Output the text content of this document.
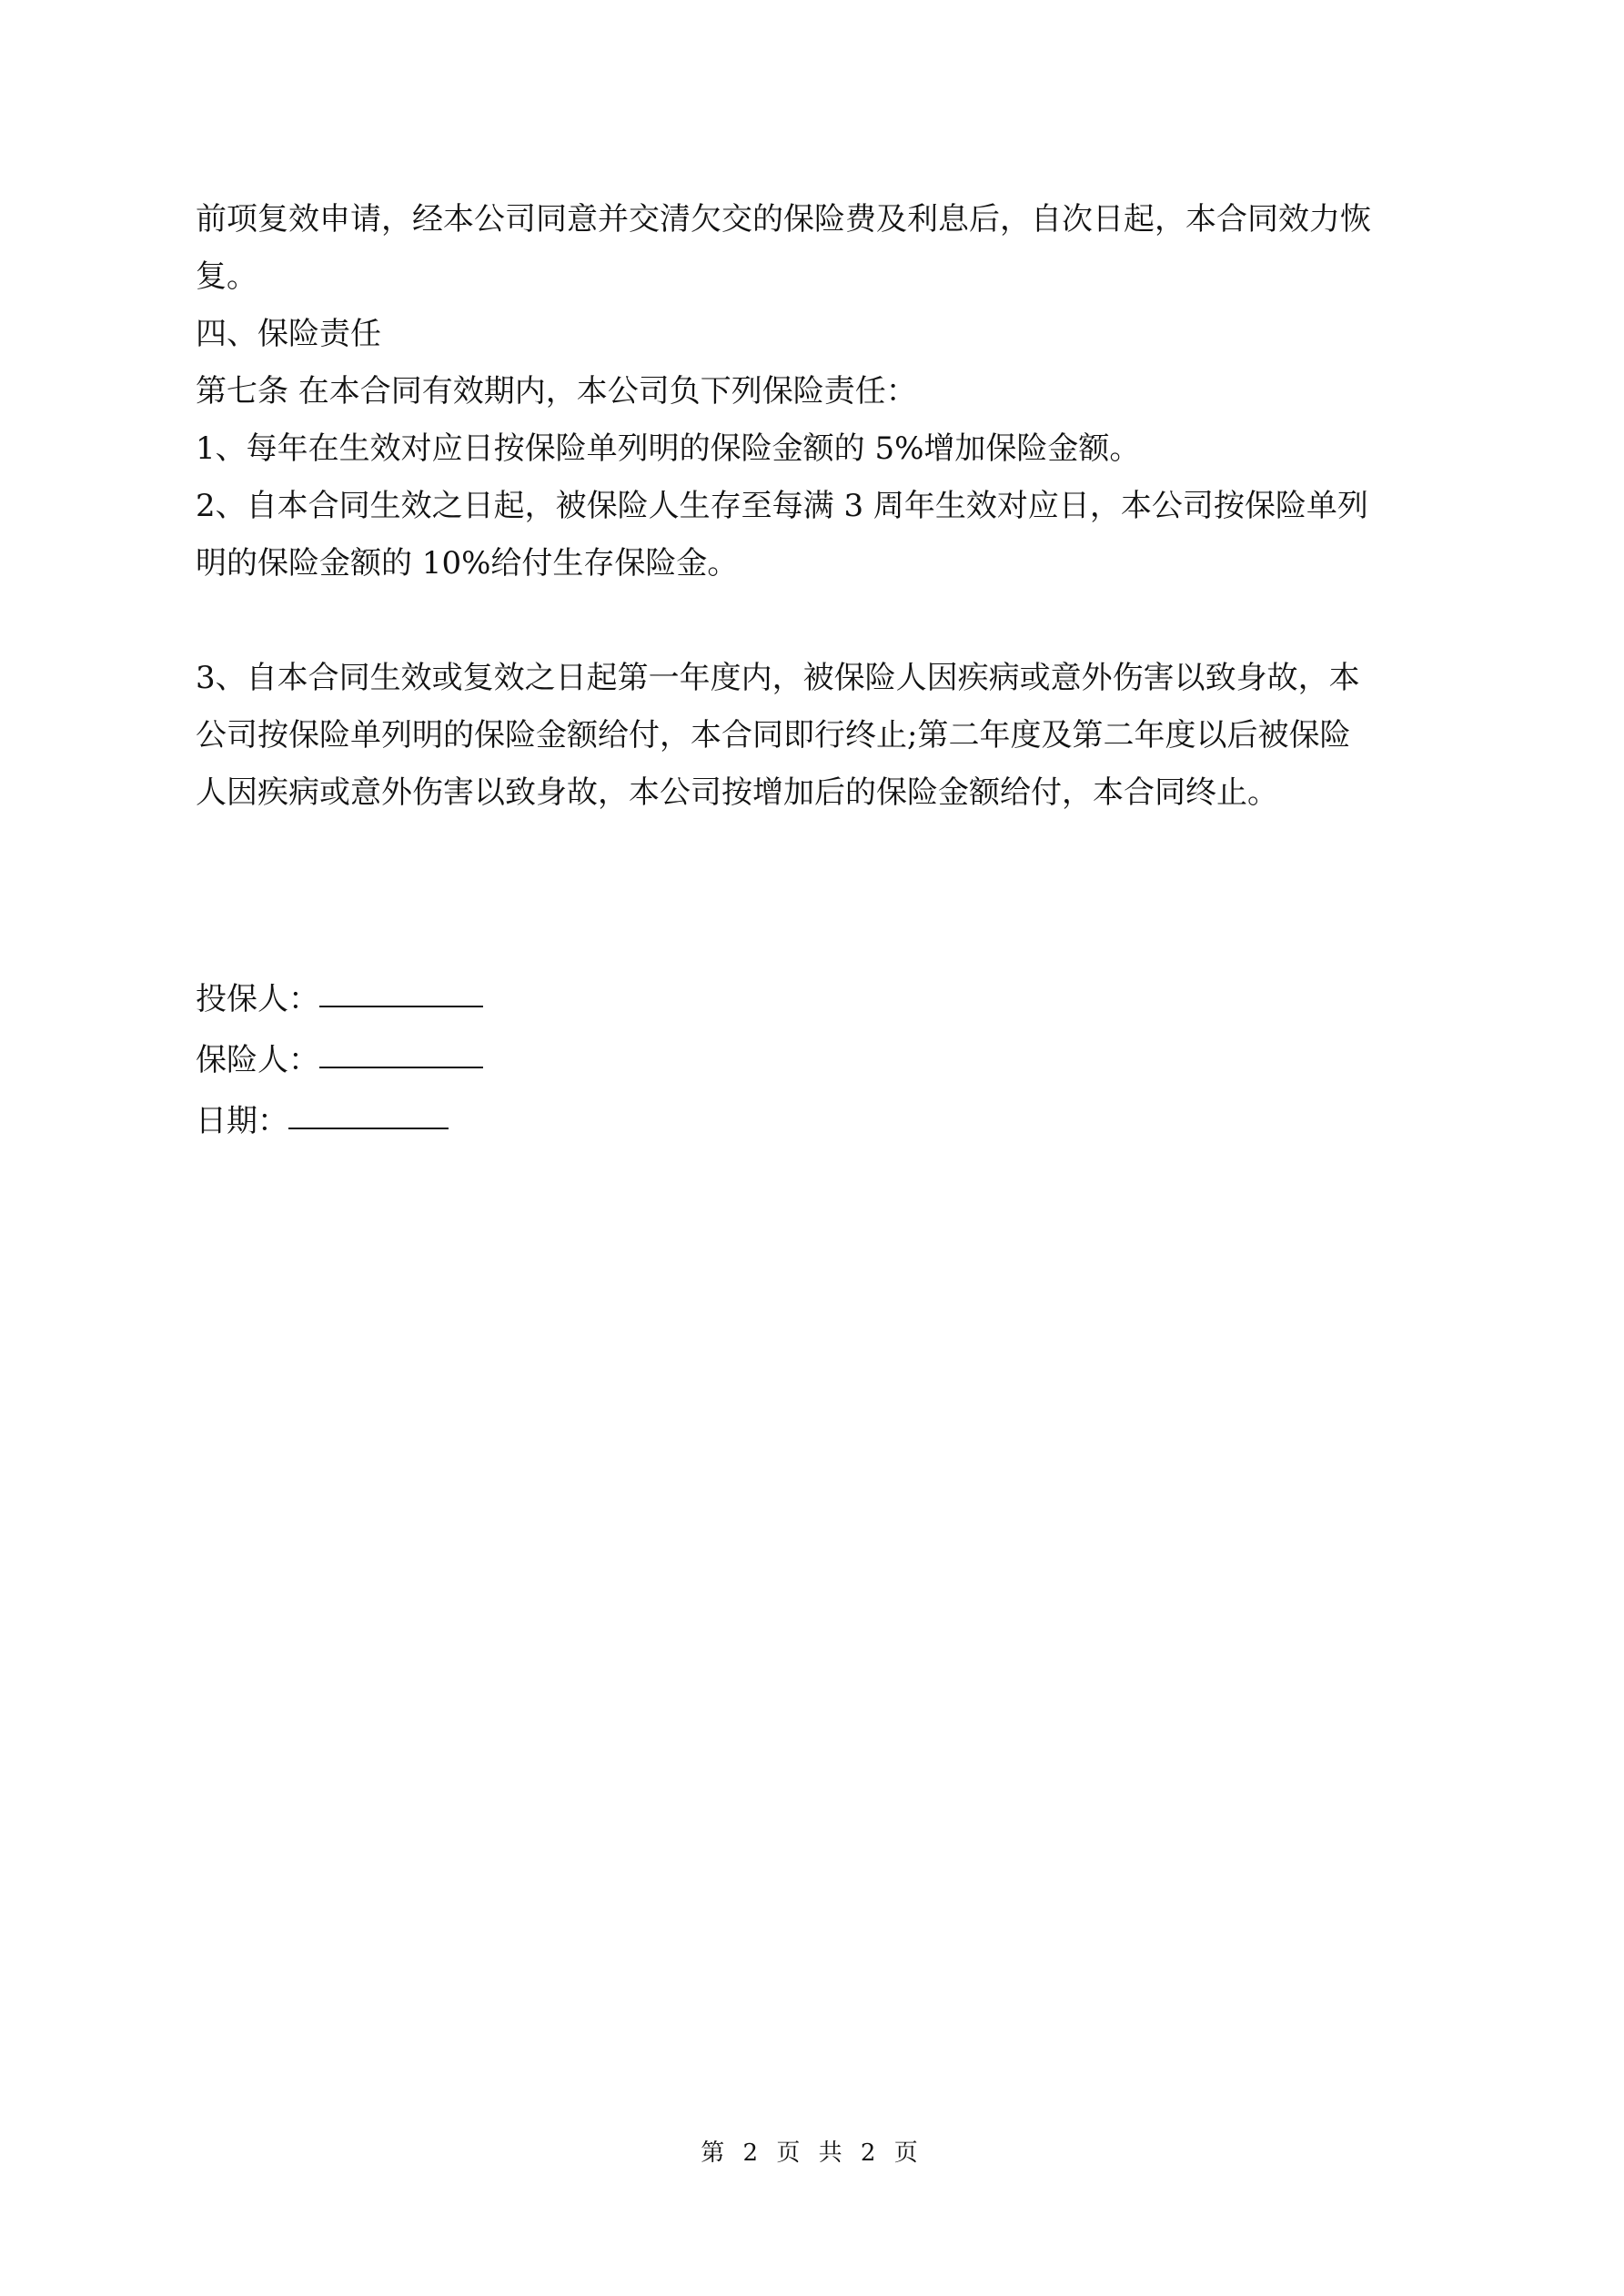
前项复效申请，经本公司同意并交清欠交的保险费及利息后，自次日起，本合同效力恢

复。

四、保险责任

第七条 在本合同有效期内，本公司负下列保险责任：

1、每年在生效对应日按保险单列明的保险金额的 5%增加保险金额。

2、自本合同生效之日起，被保险人生存至每满 3 周年生效对应日，本公司按保险单列

明的保险金额的 10%给付生存保险金。

3、自本合同生效或复效之日起第一年度内，被保险人因疾病或意外伤害以致身故，本

公司按保险单列明的保险金额给付，本合同即行终止;第二年度及第二年度以后被保险

人因疾病或意外伤害以致身故，本公司按增加后的保险金额给付，本合同终止。

投保人：
保险人：
日期：
第 2 页 共 2 页
